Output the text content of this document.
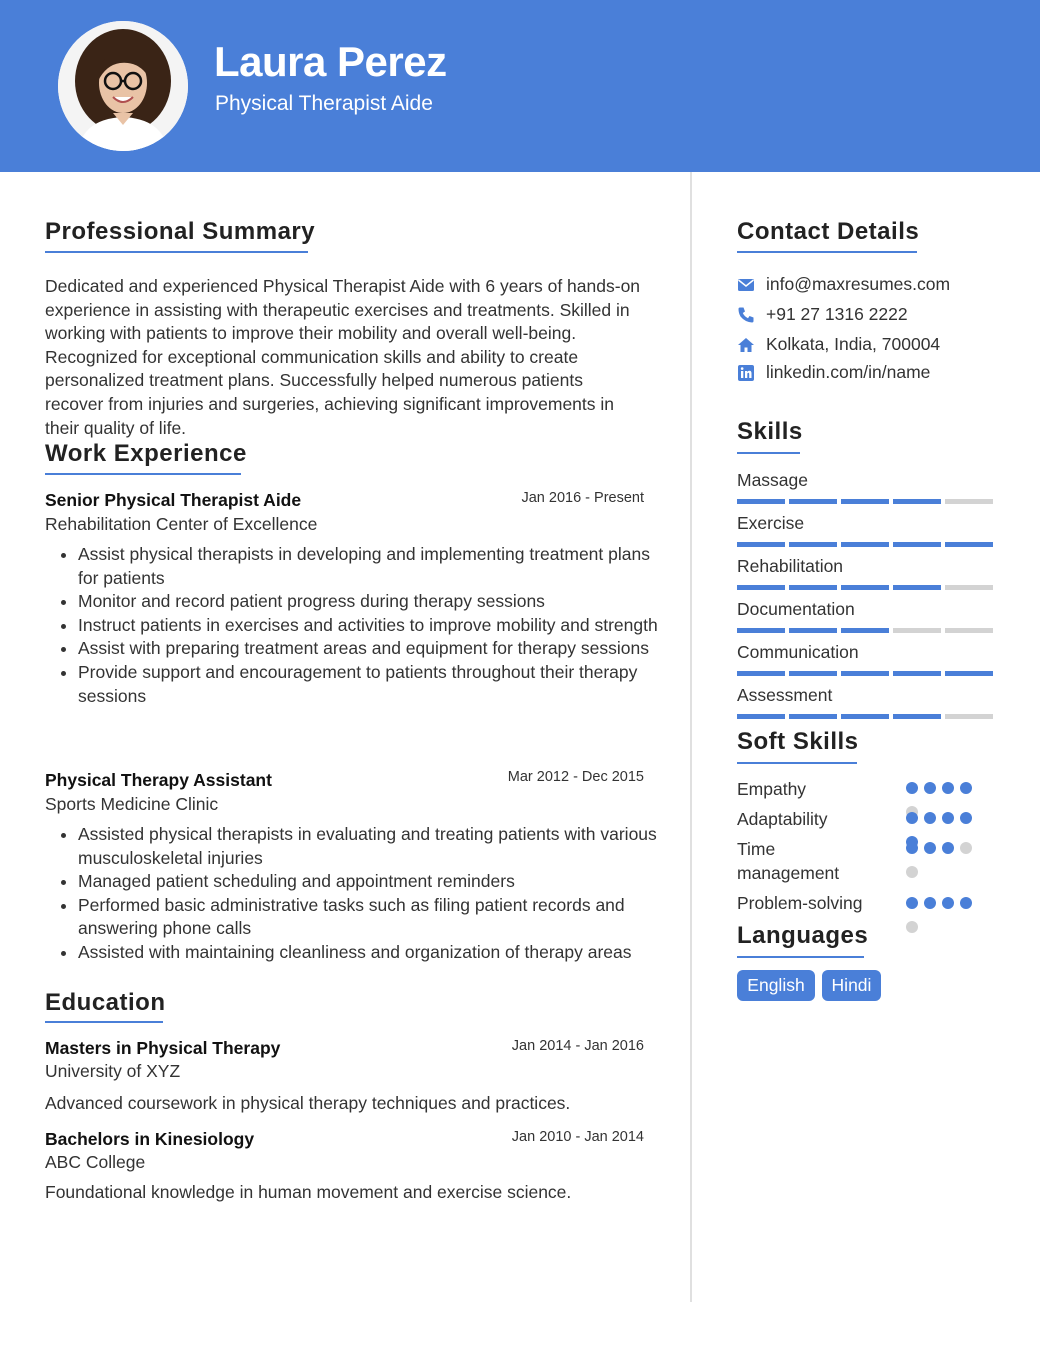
Laura Perez
Physical Therapist Aide
Professional Summary
Dedicated and experienced Physical Therapist Aide with 6 years of hands-on experience in assisting with therapeutic exercises and treatments. Skilled in working with patients to improve their mobility and overall well-being. Recognized for exceptional communication skills and ability to create personalized treatment plans. Successfully helped numerous patients recover from injuries and surgeries, achieving significant improvements in their quality of life.
Work Experience
Senior Physical Therapist Aide	Jan 2016 - Present
Rehabilitation Center of Excellence
• Assist physical therapists in developing and implementing treatment plans for patients
• Monitor and record patient progress during therapy sessions
• Instruct patients in exercises and activities to improve mobility and strength
• Assist with preparing treatment areas and equipment for therapy sessions
• Provide support and encouragement to patients throughout their therapy sessions
Physical Therapy Assistant	Mar 2012 - Dec 2015
Sports Medicine Clinic
• Assisted physical therapists in evaluating and treating patients with various musculoskeletal injuries
• Managed patient scheduling and appointment reminders
• Performed basic administrative tasks such as filing patient records and answering phone calls
• Assisted with maintaining cleanliness and organization of therapy areas
Education
Masters in Physical Therapy	Jan 2014 - Jan 2016
University of XYZ
Advanced coursework in physical therapy techniques and practices.
Bachelors in Kinesiology	Jan 2010 - Jan 2014
ABC College
Foundational knowledge in human movement and exercise science.
Contact Details
info@maxresumes.com
+91 27 1316 2222
Kolkata, India, 700004
linkedin.com/in/name
Skills
Massage
Exercise
Rehabilitation
Documentation
Communication
Assessment
Soft Skills
Empathy
Adaptability
Time management
Problem-solving
Languages
English	Hindi
